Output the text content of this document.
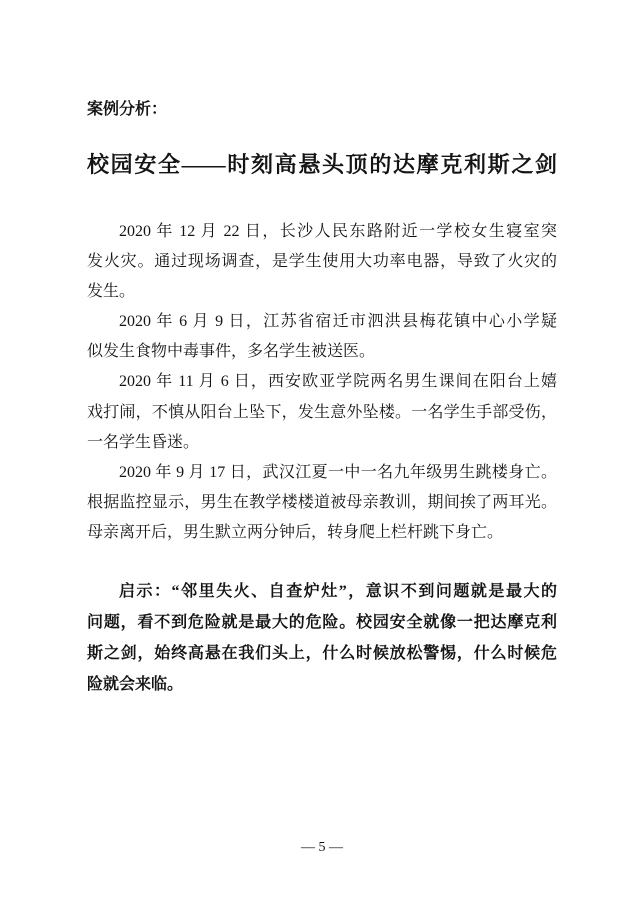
案例分析：
校园安全——时刻高悬头顶的达摩克利斯之剑
2020 年 12 月 22 日，长沙人民东路附近一学校女生寝室突
发火灾。通过现场调查，是学生使用大功率电器，导致了火灾的
发生。
2020 年 6 月 9 日，江苏省宿迁市泗洪县梅花镇中心小学疑
似发生食物中毒事件，多名学生被送医。
2020 年 11 月 6 日，西安欧亚学院两名男生课间在阳台上嬉
戏打闹，不慎从阳台上坠下，发生意外坠楼。一名学生手部受伤，
一名学生昏迷。
2020 年 9 月 17 日，武汉江夏一中一名九年级男生跳楼身亡。
根据监控显示，男生在教学楼楼道被母亲教训，期间挨了两耳光。
母亲离开后，男生默立两分钟后，转身爬上栏杆跳下身亡。
启示：“邻里失火、自查炉灶”，意识不到问题就是最大的
问题，看不到危险就是最大的危险。校园安全就像一把达摩克利
斯之剑，始终高悬在我们头上，什么时候放松警惕，什么时候危
险就会来临。
— 5 —
